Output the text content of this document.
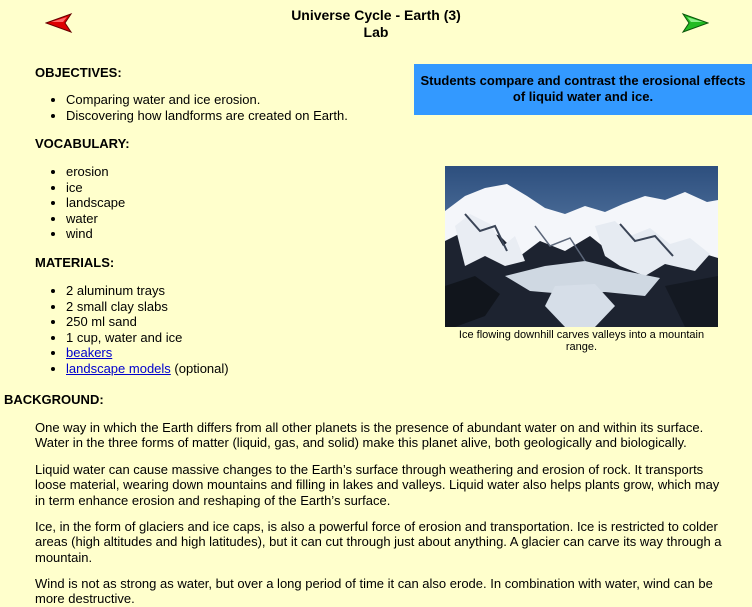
Universe Cycle - Earth (3)
Lab
OBJECTIVES:
• Comparing water and ice erosion.
• Discovering how landforms are created on Earth.
Students compare and contrast the erosional effects of liquid water and ice.
VOCABULARY:
• erosion
• ice
• landscape
• water
• wind
Ice flowing downhill carves valleys into a mountain range.
MATERIALS:
• 2 aluminum trays
• 2 small clay slabs
• 250 ml sand
• 1 cup, water and ice
• beakers
• landscape models (optional)
BACKGROUND:

One way in which the Earth differs from all other planets is the presence of abundant water on and within its surface. Water in the three forms of matter (liquid, gas, and solid) make this planet alive, both geologically and biologically.

Liquid water can cause massive changes to the Earth’s surface through weathering and erosion of rock. It transports loose material, wearing down mountains and filling in lakes and valleys. Liquid water also helps plants grow, which may in term enhance erosion and reshaping of the Earth’s surface.

Ice, in the form of glaciers and ice caps, is also a powerful force of erosion and transportation. Ice is restricted to colder areas (high altitudes and high latitudes), but it can cut through just about anything. A glacier can carve its way through a mountain.

Wind is not as strong as water, but over a long period of time it can also erode. In combination with water, wind can be more destructive.
